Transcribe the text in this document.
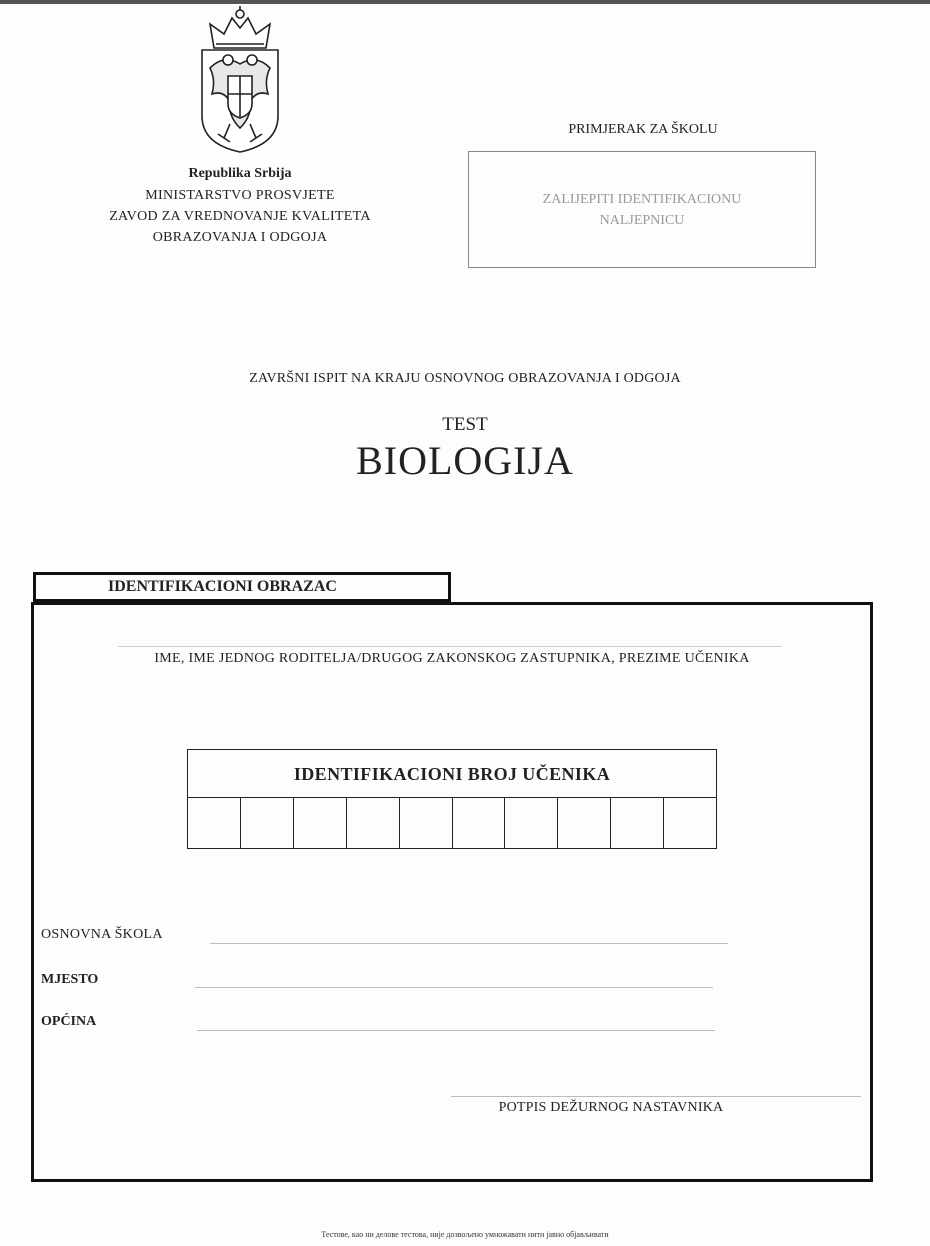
Republika Srbija
MINISTARSTVO PROSVJETE
ZAVOD ZA VREDNOVANJE KVALITETA
OBRAZOVANJA I ODGOJA
PRIMJERAK ZA ŠKOLU
ZALIJEPITI IDENTIFIKACIONU NALJEPNICU
ZAVRŠNI ISPIT NA KRAJU OSNOVNOG OBRAZOVANJA I ODGOJA
TEST
BIOLOGIJA
IDENTIFIKACIONI OBRAZAC
IME, IME JEDNOG RODITELJA/DRUGOG ZAKONSKOG ZASTUPNIKA, PREZIME UČENIKA
IDENTIFIKACIONI BROJ UČENIKA
OSNOVNA ŠKOLA
MJESTO
OPĆINA
POTPIS DEŽURNOG NASTAVNIKA
Тестове, као ни делове тестова, није дозвољено умножавати нити јавно објављивати
